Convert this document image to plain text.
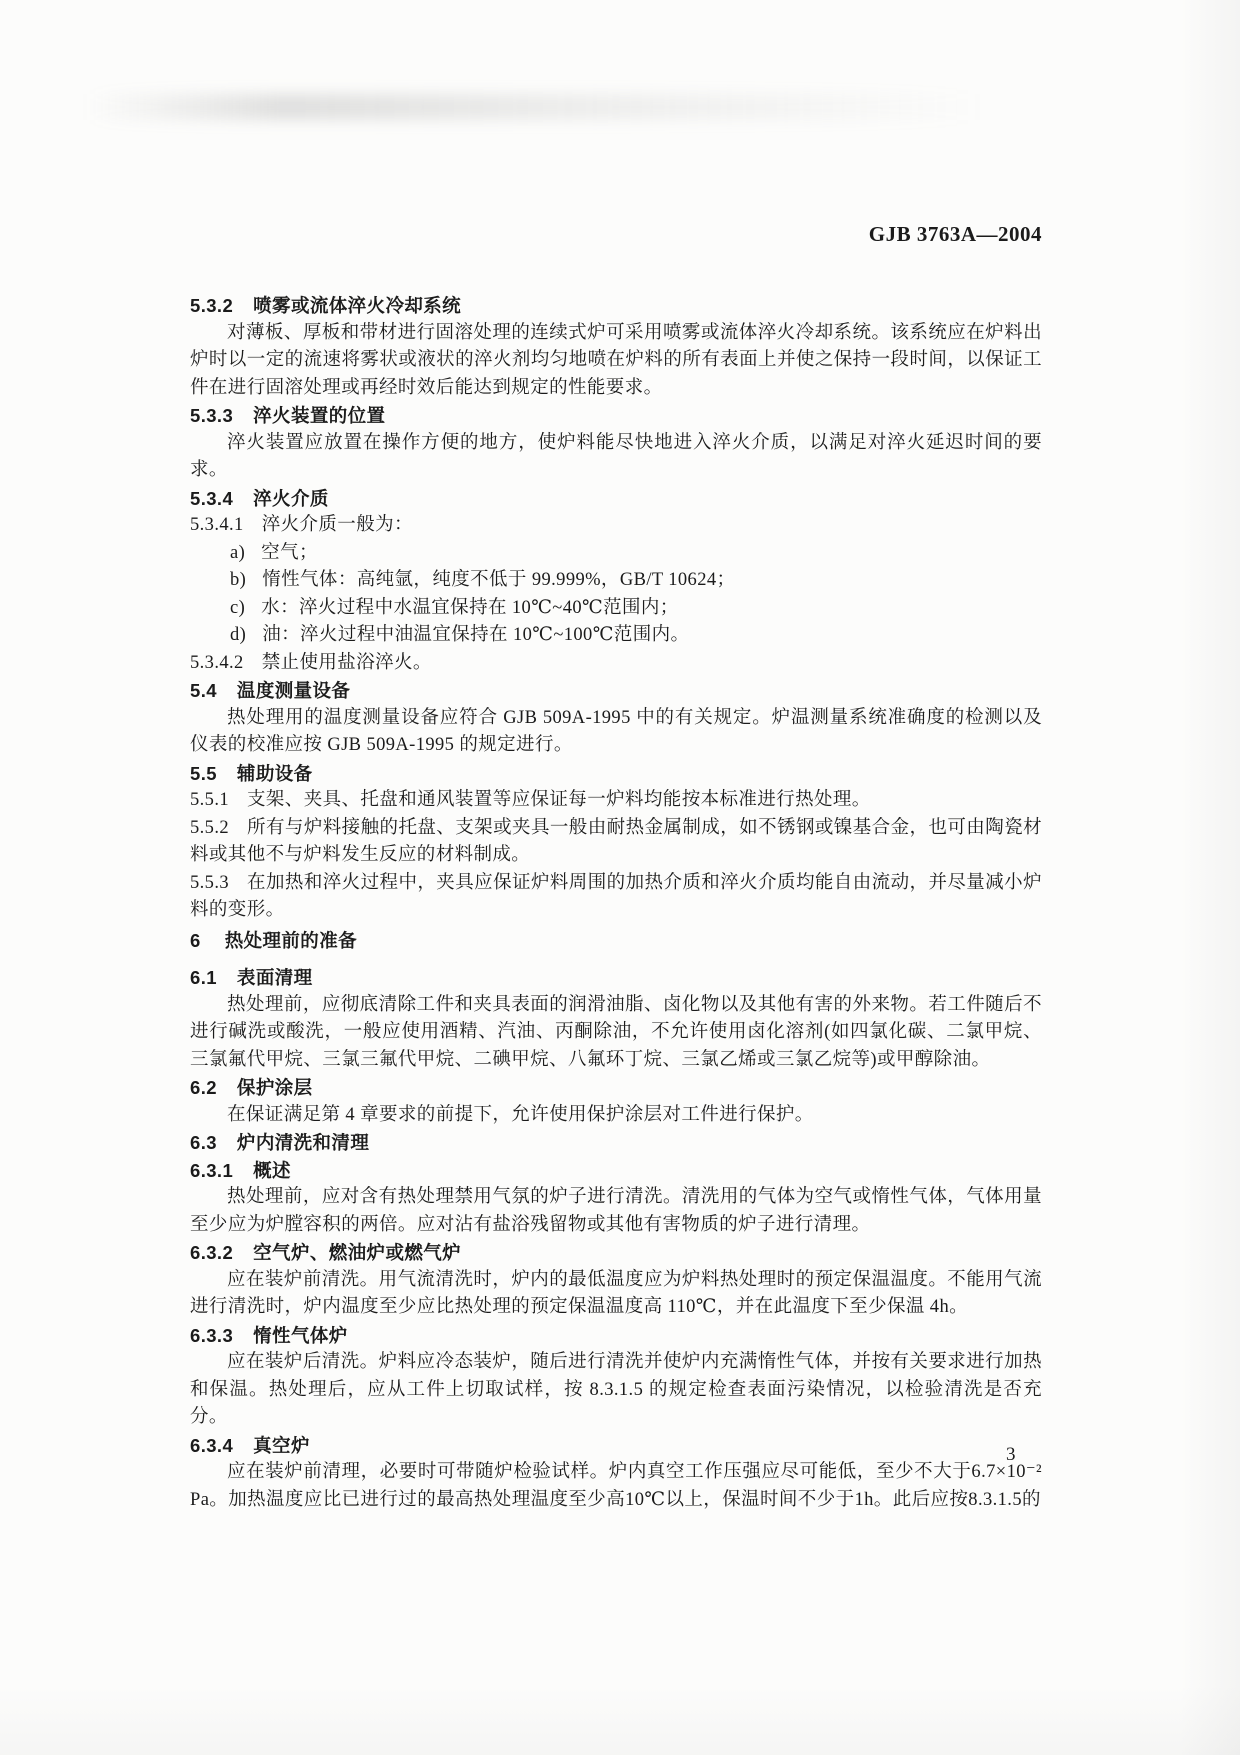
GJB 3763A—2004
5.3.2 喷雾或流体淬火冷却系统
对薄板、厚板和带材进行固溶处理的连续式炉可采用喷雾或流体淬火冷却系统。该系统应在炉料出炉时以一定的流速将雾状或液状的淬火剂均匀地喷在炉料的所有表面上并使之保持一段时间，以保证工件在进行固溶处理或再经时效后能达到规定的性能要求。
5.3.3 淬火装置的位置
淬火装置应放置在操作方便的地方，使炉料能尽快地进入淬火介质，以满足对淬火延迟时间的要求。
5.3.4 淬火介质
5.3.4.1 淬火介质一般为：
a) 空气；
b) 惰性气体：高纯氩，纯度不低于 99.999%，GB/T 10624；
c) 水：淬火过程中水温宜保持在 10℃~40℃范围内；
d) 油：淬火过程中油温宜保持在 10℃~100℃范围内。
5.3.4.2 禁止使用盐浴淬火。
5.4 温度测量设备
热处理用的温度测量设备应符合 GJB 509A-1995 中的有关规定。炉温测量系统准确度的检测以及仪表的校准应按 GJB 509A-1995 的规定进行。
5.5 辅助设备
5.5.1 支架、夹具、托盘和通风装置等应保证每一炉料均能按本标准进行热处理。
5.5.2 所有与炉料接触的托盘、支架或夹具一般由耐热金属制成，如不锈钢或镍基合金，也可由陶瓷材料或其他不与炉料发生反应的材料制成。
5.5.3 在加热和淬火过程中，夹具应保证炉料周围的加热介质和淬火介质均能自由流动，并尽量减小炉料的变形。
6 热处理前的准备
6.1 表面清理
热处理前，应彻底清除工件和夹具表面的润滑油脂、卤化物以及其他有害的外来物。若工件随后不进行碱洗或酸洗，一般应使用酒精、汽油、丙酮除油，不允许使用卤化溶剂(如四氯化碳、二氯甲烷、三氯氟代甲烷、三氯三氟代甲烷、二碘甲烷、八氟环丁烷、三氯乙烯或三氯乙烷等)或甲醇除油。
6.2 保护涂层
在保证满足第 4 章要求的前提下，允许使用保护涂层对工件进行保护。
6.3 炉内清洗和清理
6.3.1 概述
热处理前，应对含有热处理禁用气氛的炉子进行清洗。清洗用的气体为空气或惰性气体，气体用量至少应为炉膛容积的两倍。应对沾有盐浴残留物或其他有害物质的炉子进行清理。
6.3.2 空气炉、燃油炉或燃气炉
应在装炉前清洗。用气流清洗时，炉内的最低温度应为炉料热处理时的预定保温温度。不能用气流进行清洗时，炉内温度至少应比热处理的预定保温温度高 110℃，并在此温度下至少保温 4h。
6.3.3 惰性气体炉
应在装炉后清洗。炉料应冷态装炉，随后进行清洗并使炉内充满惰性气体，并按有关要求进行加热和保温。热处理后，应从工件上切取试样，按 8.3.1.5 的规定检查表面污染情况，以检验清洗是否充分。
6.3.4 真空炉
应在装炉前清理，必要时可带随炉检验试样。炉内真空工作压强应尽可能低，至少不大于6.7×10⁻² Pa。加热温度应比已进行过的最高热处理温度至少高10℃以上，保温时间不少于1h。此后应按8.3.1.5的
3
